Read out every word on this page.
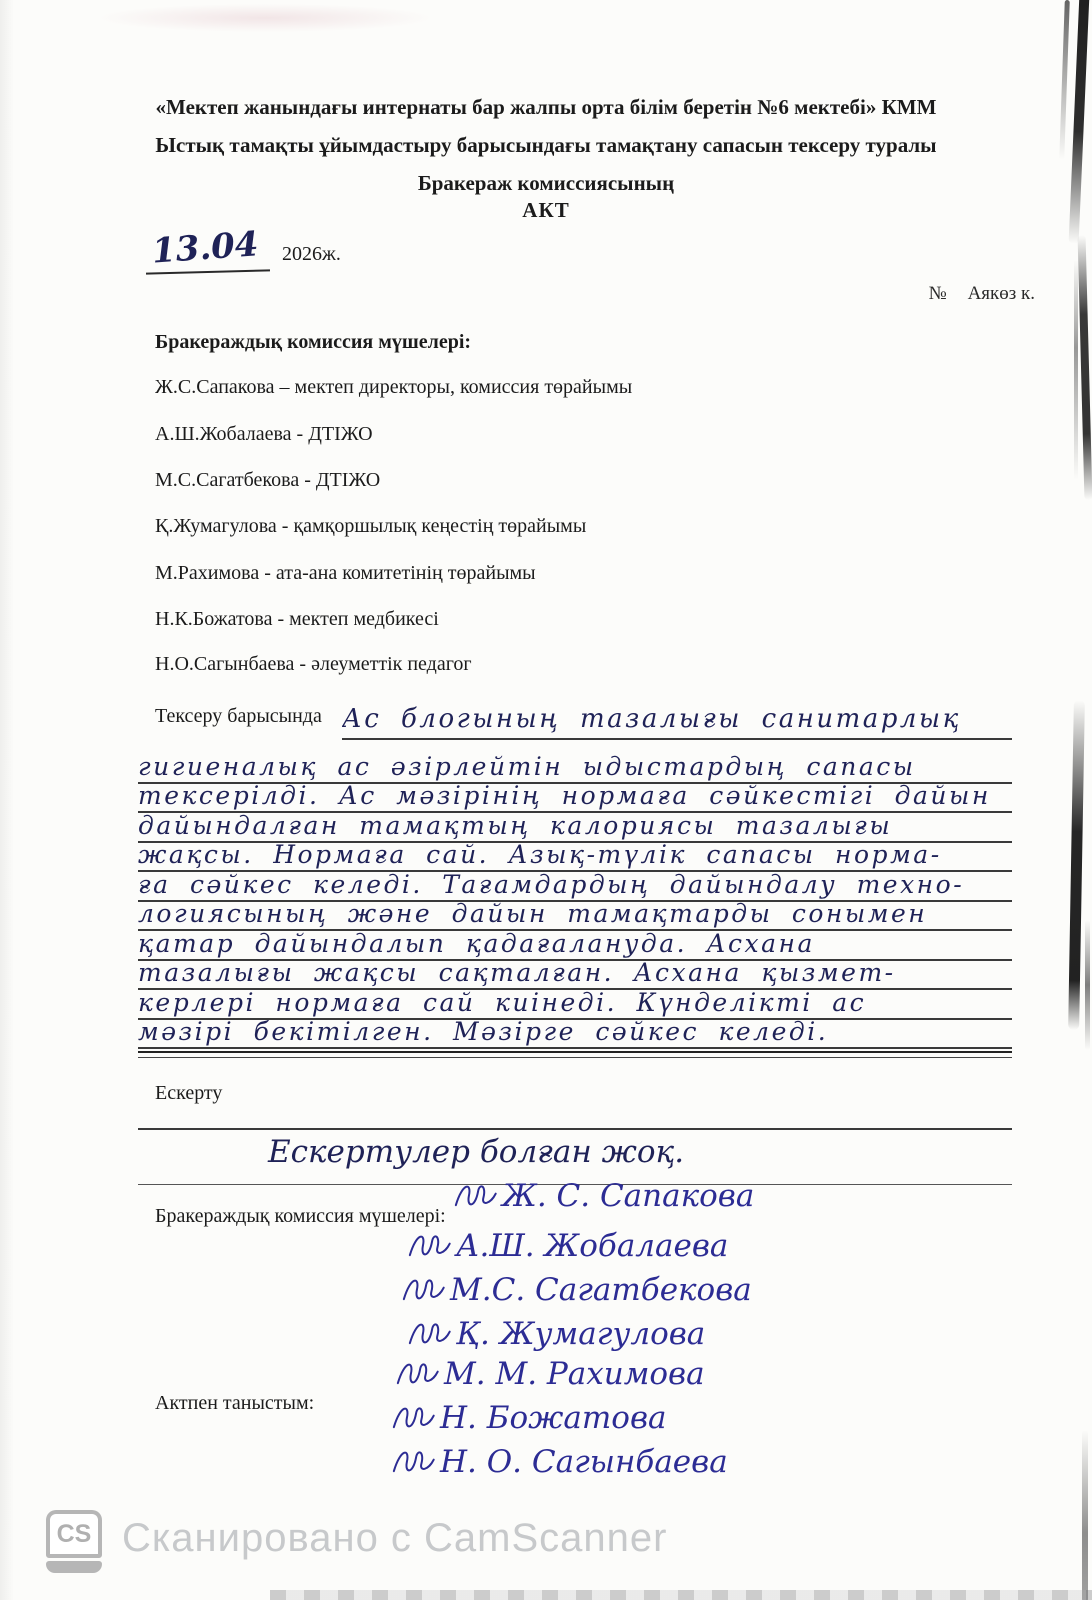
«Мектеп жанындағы интернаты бар жалпы орта білім беретін №6 мектебі» КММ
Ыстық тамақты ұйымдастыру барысындағы тамақтану сапасын тексеру туралы
Бракераж комиссиясының
АКТ
13.04 2026ж.
№ Аякөз к.
Бракераждық комиссия мүшелері:
Ж.С.Сапакова – мектеп директоры, комиссия төрайымы
А.Ш.Жобалаева - ДТІЖО
М.С.Сагатбекова - ДТІЖО
Қ.Жумагулова - қамқоршылық кеңестің төрайымы
М.Рахимова - ата-ана комитетінің төрайымы
Н.К.Божатова - мектеп медбикесі
Н.О.Сагынбаева - әлеуметтік педагог
Тексеру барысында Ас блогының тазалығы санитарлық
гигиеналық ас әзірлейтін ыдыстардың сапасы
тексерілді. Ас мәзірінің нормаға сәйкестігі дайын
дайындалған тамақтың калориясы тазалығы
жақсы. Нормаға сай. Азық-түлік сапасы норма-
ға сәйкес келеді. Тағамдардың дайындалу техно-
логиясының және дайын тамақтарды сонымен
қатар дайындалып қадағалануда. Асхана
тазалығы жақсы сақталған. Асхана қызмет-
керлері нормаға сай киінеді. Күнделікті ас
мәзірі бекітілген. Мәзірге сәйкес келеді.
Ескерту
Ескертулер болған жоқ.
Бракераждық комиссия мүшелері:
Ж. С. Сапакова
А.Ш. Жобалаева
М.С. Сагатбекова
Қ. Жумагулова
М. М. Рахимова
Н. Божатова
Н. О. Сагынбаева
Актпен таныстым:
CS Сканировано с CamScanner
